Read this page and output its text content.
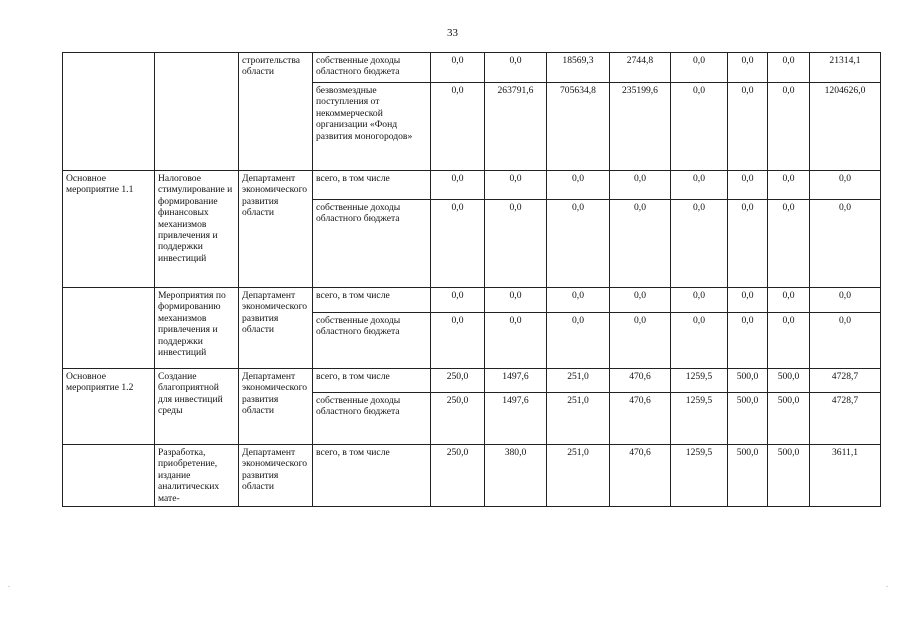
33
		строительства области	собственные доходы областного бюджета	0,0	0,0	18569,3	2744,8	0,0	0,0	0,0	21314,1
			безвозмездные поступления от некоммерческой организации «Фонд развития моногородов»	0,0	263791,6	705634,8	235199,6	0,0	0,0	0,0	1204626,0
Основное мероприятие 1.1	Налоговое стимулирование и формирование финансовых механизмов привлечения и поддержки инвестиций	Департамент экономического развития области	всего, в том числе	0,0	0,0	0,0	0,0	0,0	0,0	0,0	0,0
			собственные доходы областного бюджета	0,0	0,0	0,0	0,0	0,0	0,0	0,0	0,0
	Мероприятия по формированию механизмов привлечения и поддержки инвестиций	Департамент экономического развития области	всего, в том числе	0,0	0,0	0,0	0,0	0,0	0,0	0,0	0,0
			собственные доходы областного бюджета	0,0	0,0	0,0	0,0	0,0	0,0	0,0	0,0
Основное мероприятие 1.2	Создание благоприятной для инвестиций среды	Департамент экономического развития области	всего, в том числе	250,0	1497,6	251,0	470,6	1259,5	500,0	500,0	4728,7
			собственные доходы областного бюджета	250,0	1497,6	251,0	470,6	1259,5	500,0	500,0	4728,7
	Разработка, приобретение, издание аналитических мате-	Департамент экономического развития области	всего, в том числе	250,0	380,0	251,0	470,6	1259,5	500,0	500,0	3611,1
.	.
